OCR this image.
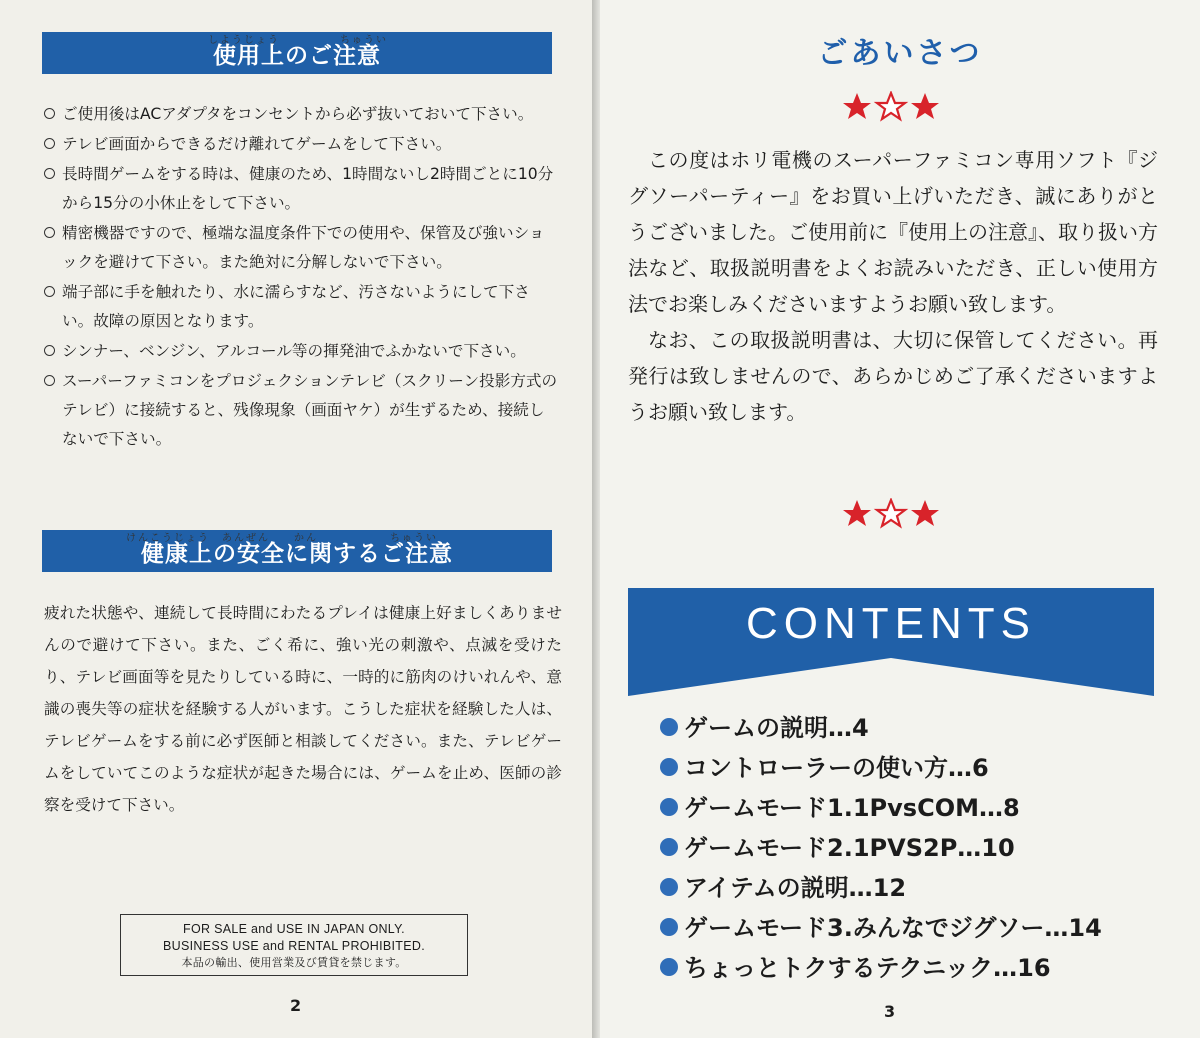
しようじょう　　　　　ちゅうい
使用上のご注意
ご使用後はACアダプタをコンセントから必ず抜いておいて下さい。
テレビ画面からできるだけ離れてゲームをして下さい。
長時間ゲームをする時は、健康のため、1時間ないし2時間ごとに10分から15分の小休止をして下さい。
精密機器ですので、極端な温度条件下での使用や、保管及び強いショックを避けて下さい。また絶対に分解しないで下さい。
端子部に手を触れたり、水に濡らすなど、汚さないようにして下さい。故障の原因となります。
シンナー、ベンジン、アルコール等の揮発油でふかないで下さい。
スーパーファミコンをプロジェクションテレビ（スクリーン投影方式のテレビ）に接続すると、残像現象（画面ヤケ）が生ずるため、接続しないで下さい。
けんこうじょう　あんぜん　　かん　　　　　　ちゅうい
健康上の安全に関するご注意
疲れた状態や、連続して長時間にわたるプレイは健康上好ましくありませんので避けて下さい。また、ごく希に、強い光の刺激や、点滅を受けたり、テレビ画面等を見たりしている時に、一時的に筋肉のけいれんや、意識の喪失等の症状を経験する人がいます。こうした症状を経験した人は、テレビゲームをする前に必ず医師と相談してください。また、テレビゲームをしていてこのような症状が起きた場合には、ゲームを止め、医師の診察を受けて下さい。
FOR SALE and USE IN JAPAN ONLY.
BUSINESS USE and RENTAL PROHIBITED.
本品の輸出、使用営業及び賃貸を禁じます。
2
ごあいさつ

この度はホリ電機のスーパーファミコン専用ソフト『ジグソーパーティー』をお買い上げいただき、誠にありがとうございました。ご使用前に『使用上の注意』、取り扱い方法など、取扱説明書をよくお読みいただき、正しい使用方法でお楽しみくださいますようお願い致します。

なお、この取扱説明書は、大切に保管してください。再発行は致しませんので、あらかじめご了承くださいますようお願い致します。

CONTENTS
ゲームの説明…4
コントローラーの使い方…6
ゲームモード1.1PvsCOM…8
ゲームモード2.1PVS2P…10
アイテムの説明…12
ゲームモード3.みんなでジグソー…14
ちょっとトクするテクニック…16
3
